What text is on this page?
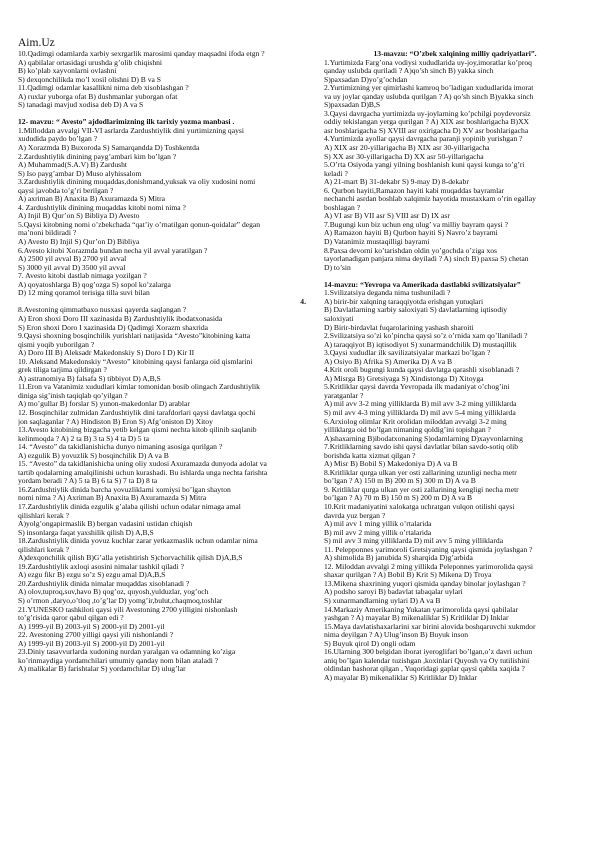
Aim.Uz
10.Qadimgi odamlarda xarbiy sexrgarlik marosimi qanday maqsadni ifoda etgn ?
A) qabilalar ortasidagi urushda g’olib chiqishni
B) ko’plab xayvonlarni ovlashni
S) dexqonchilikda mo’l xosil olishni D) B va S
11.Qadimgi odamlar kasallikni nima deb xisoblashgan ?
A) ruxlar yuborga ofat B) dushmanlar yuborgan ofat
S) tanadagi mavjud xodisa deb D) A va S
12- mavzu: “ Avesto” ajdodlarimizning ilk tarixiy yozma manbasi .
1.Milloddan avvalgi VII-VI asrlarda Zardushtiylik dini yurtimizning qaysi
xududida paydo bo’lgan ?
A) Xorazmda B) Buxoroda S) Samarqandda D) Toshkentda
2.Zardushtiylik dinining payg’ambari kim bo’lgan ?
A) Muhammad(S.A.V) B) Zardusht
S) Iso payg’ambar D) Muso alyhissalom
3.Zardushtiylik dinining muqaddas,donishmand,yuksak va oliy xudosini nomi
qaysi javobda to’g’ri berilgan ?
A) axriman B) Anaxita B) Axuramazda S) Mitra
4. Zardushtiylik dinining muqaddas kitobi nomi nima ?
A) Injil B) Qur’on S) Bibliya D) Avesto
5.Qaysi kitobning nomi o’zbekchada “qat’iy o’rnatilgan qonun-qoidalar” degan
ma’noni bildiradi ?
A) Avesto B) Injil S) Qur’on D) Bibliya
6.Avesto kitobi Xorazmda bundan necha yil avval yaratilgan ?
A) 2500 yil avval B) 2700 yil avval
S) 3000 yil avval D) 3500 yil avval
7. Avesto kitobi dastlab nimaga yozilgan ?
A) qoyatoshlarga B) qog’ozga S) sopol ko’zalarga
D) 12 ming qoramol terisiga tilla suvi bilan
4.
8.Avestoning qimmatbaxo nusxasi qayerda saqlangan ?
A) Eron shoxi Doro III xazinasida B) Zardushtiylik ibodatxonasida
S) Eron shoxi Doro I xazinasida D) Qadimgi Xorazm shaxrida
9.Qaysi shoxning bosqinchilik yurishlari natijasida “Avesto”kitobining katta
qismi yoqib yuborilgan ?
A) Doro III B) Aleksadr Makedonskiy S) Doro I D) Kir II
10. Aleksand Makedonskiy “Avesto” kitobining qaysi fanlarga oid qismlarini
grek tiliga tarjima qildirgan ?
A) astranomiya B) falsafa S) tibbiyot D) A,B,S
11.Eron va Vatanimiz xududlari kimlar tomonidan bosib olingach Zardushtiylik
diniga sig’inish taqiqlab qo’yilgan ?
A) mo’gullar B) forslar S) yunon-makedonlar D) arablar
12. Bosqinchilar zulmidan Zardushtiylik dini tarafdorlari qaysi davlatga qochi
jon saqlaganlar ? A) Hindiston B) Eron S) Afg’oniston D) Xitoy
13.Avesto kitobining bizgacha yetib kelgan qismi nechta kitob qilinib saqlanib
kelinmoqda ? A) 2 ta B) 3 ta S) 4 ta D) 5 ta
14. “Avesto” da takidlanishicha dunyo nimaning asosiga qurilgan ?
A) ezgulik B) yovuzlik S) bosqinchilik D) A va B
15. “Avesto” da takidlanishicha uning oliy xudosi Axuramazda dunyoda adolat va
tartib qodalarning amalqilinishi uchun kurashadi. Bu ishlarda unga nechta farishta
yordam beradi ? A) 5 ta B) 6 ta S) 7 ta D) 8 ta
16.Zardushtiylik dinida barcha yovuzliklarni xomiysi bo’lgan shayton
nomi nima ? A) Axriman B) Anaxita B) Axuramazda S) Mitra
17.Zardushtiylik dinida ezgulik g’alaba qilishi uchun odalar nimaga amal
qilishlari kerak ?
A)yolg’ongapirmaslik B) bergan vadasini ustidan chiqish
S) insonlarga faqat yaxshilik qilish D) A,B,S
18.Zardushtiylik dinida yovuz kuchlar zarar yetkazmaslik uchun odamlar nima
qilishlari kerak ?
A)dexqonchilik qilish B)G’alla yetishtirish S)chorvachilik qilish D)A,B,S
19.Zardushtiylik axloqi asosini nimalar tashkil qiladi ?
A) ezgu fikr B) ezgu so’z S) ezgu amal D)A,B,S
20.Zardushtiylik dinida nimalar muqaddas xisoblanadi ?
A) olov,tuproq,suv,havo B) qog’oz, quyosh,yulduzlar, yog’och
S) o’rmon ,daryo,o’tloq ,to’g’lar D) yomg’ir,bulut,chaqmoq,toshlar
21.YUNESKO tashkiloti qaysi yili Avestoning 2700 yilligini nishonlash
to’g’risida qaror qabul qilgan edi ?
A) 1999-yil B) 2003-yil S) 2000-yil D) 2001-yil
22. Avestoning 2700 yilligi qaysi yili nishonlandi ?
A) 1999-yil B) 2003-yil S) 2000-yil D) 2001-yil
23.Diniy tasavvurlarda xudoning nurdan yaralgan va odamning ko’ziga
ko’rinmaydiga yordamchilari umumiy qanday nom bilan ataladi ?
A) malikalar B) farishtalar S) yordamchilar D) ulug’lar
13-mavzu: “O’zbek xalqining milliy qadriyatlari”.
1.Yurtimizda Farg’ona vodiysi xududlarida uy-joy,imoratlar ko’proq
qanday uslubda quriladi ? A)qo’sh sinch B) yakka sinch
S)paxsadan D)yo’g’ochdan
2.Yurtimizning yer qimirlashi kamroq bo’ladigan xududlarida imorat
va uy joylar qanday uslubda qurilgan ? A) qo’sh sinch B)yakka sinch
S)paxsadan D)B,S
3.Qaysi davrgacha yurtimizda uy-joylarning ko’pchilgi poydevorsiz
oddiy tekislangan yerga qurilgan ? A) XIX asr boshlarigacha B)XX
asr boshlarigacha S) XVIII asr oxirigacha D) XV asr boshlarigacha
4.Yurtimizda ayollar qaysi davrgacha paranji yopinib yurishgan ?
A) XIX asr 20-yillarigacha B) XIX asr 30-yillarigacha
S) XX asr 30-yillarigacha D) XX asr 50-yillarigacha
5.O’rta Osiyoda yangi yilning boshlanish kuni qaysi kunga to’g’ri
keladi ?
A) 21-mart B) 31-dekabr S) 9-may D) 8-dekabr
6. Qurbon hayiti,Ramazon hayiti kabi muqaddas bayramlar
nechanchi asrdan boshlab xalqimiz hayotida mustaxkam o’rin egallay
boshlagan ?
A) VI asr B) VII asr S) VIII asr D) IX asr
7.Bugungi kun biz uchun eng ulug’ va milliy bayram qaysi ?
A) Ramazon hayiti B) Qurbon hayiti S) Navro’z bayrami
D) Vatanimiz mustaqilligi bayrami
8.Paxsa devorni ko’tarishdan oldin yo’gochda o’ziga xos
tayorlanadigan panjara nima deyiladi ? A) sinch B) paxsa S) chetan
D) to’sin
14-mavzu: “Yevropa va Amerikada dastlabki svilizatsiyalar”
1.Svilizatsiya deganda nima tushuniladi ?
A) birir-bir xalqning taraqqiyotda erishgan yutuqlari
B) Davlatlarning xarbiy saloxiyati S) davlatlarning iqtisodiy
saloxiyati
D) Birir-birdavlat fuqarolarining yashash sharoiti
2.Svilizatsiya so’zi ko’pincha qaysi so’z o’rnida xam qo’llaniladi ?
A) taraqqiyot B) iqtisodiyot S) xunarmandchilik D) mustaqillik
3.Qaysi xududlar ilk savilizatsiyalar markazi bo’lgan ?
A) Osiyo B) Afrika S) Amerika D) A va B
4.Krit oroli bugungi kunda qaysi davlatga qarashli xisoblanadi ?
A) Misrga B) Gretsiyaga S) Xindistonga D) Xitoyga
5.Kritliklar qaysi davrda Yevropada ilk madaniyat o’chog’ini
yaratganlar ?
A) mil avv 3-2 ming yilliklarda B) mil avv 3-2 ming yilliklarda
S) mil avv 4-3 ming yilliklarda D) mil avv 5-4 ming yilliklarda
6.Arxiolog olimlar Krit orolidan miloddan avvalgi 3-2 ming
yilliklarga oid bo’lgan nimaning qoldig’ini topishgan ?
A)shaxarning B)ibodatxonaning S)odamlarning D)xayvonlarning
7.Kritliklarning savdo ishi qaysi davlatlar bilan savdo-sotiq olib
borishda katta xizmat qilgan ?
A) Misr B) Bobil S) Makedoniya D) A va B
8.Kritliklar qurga ulkan yer osti zallarining uzunligi necha metr
bo’lgan ? A) 150 m B) 200 m S) 300 m D) A va B
9. Kritliklar qurga ulkan yer osti zallarining kengligi necha metr
bo’lgan ? A) 70 m B) 150 m S) 200 m D) A va B
10.Krit madaniyatini xalokatga uchratgan vulqon otilishi qaysi
davrda yuz bergan ?
A) mil avv 1 ming yillik o’rtalarida
B) mil avv 2 ming yillik o’rtalarida
S) mil avv 3 ming yilliklarda D) mil avv 5 ming yilliklarda
11. Pelepponnes yarimoroli Gretsiyaning qaysi qismida joylashgan ?
A) shimolida B) janubida S) sharqida D)g’arbida
12. Miloddan avvalgi 2 ming yillikda Peleponnes yarimorolida qaysi
shaxar qurilgan ? A) Bobil B) Krit S) Mikena D) Troya
13.Mikena shaxrining yuqori qismida qanday binolar joylashgan ?
A) podsho saroyi B) badavlat tabaqalar uylari
S) xunarmandlarning uylari D) A va B
14.Markaziy Amerikaning Yukatan yarimorolida qaysi qabilalar
yashgan ? A) mayalar B) mikenaliklar S) Kritliklar D) Inklar
15.Maya davlatishaxarlarini xar birini alovida boshqaruvchi xukmdor
nima deyilgan ? A) Ulug’inson B) Buyuk inson
S) Buyuk qirol D) ongli odam
16.Ularning 300 belgidan iborat iyeroglifari bo’lgan,o’z davri uchun
aniq bo’lgan kalendar tuzishgan ,koxinlari Quyosh va Oy tutilishini
oldindan bashorat qilgan , Yuqoridagi gaplar qaysi qabila xaqida ?
A) mayalar B) mikenaliklar S) Kritliklar D) Inklar
